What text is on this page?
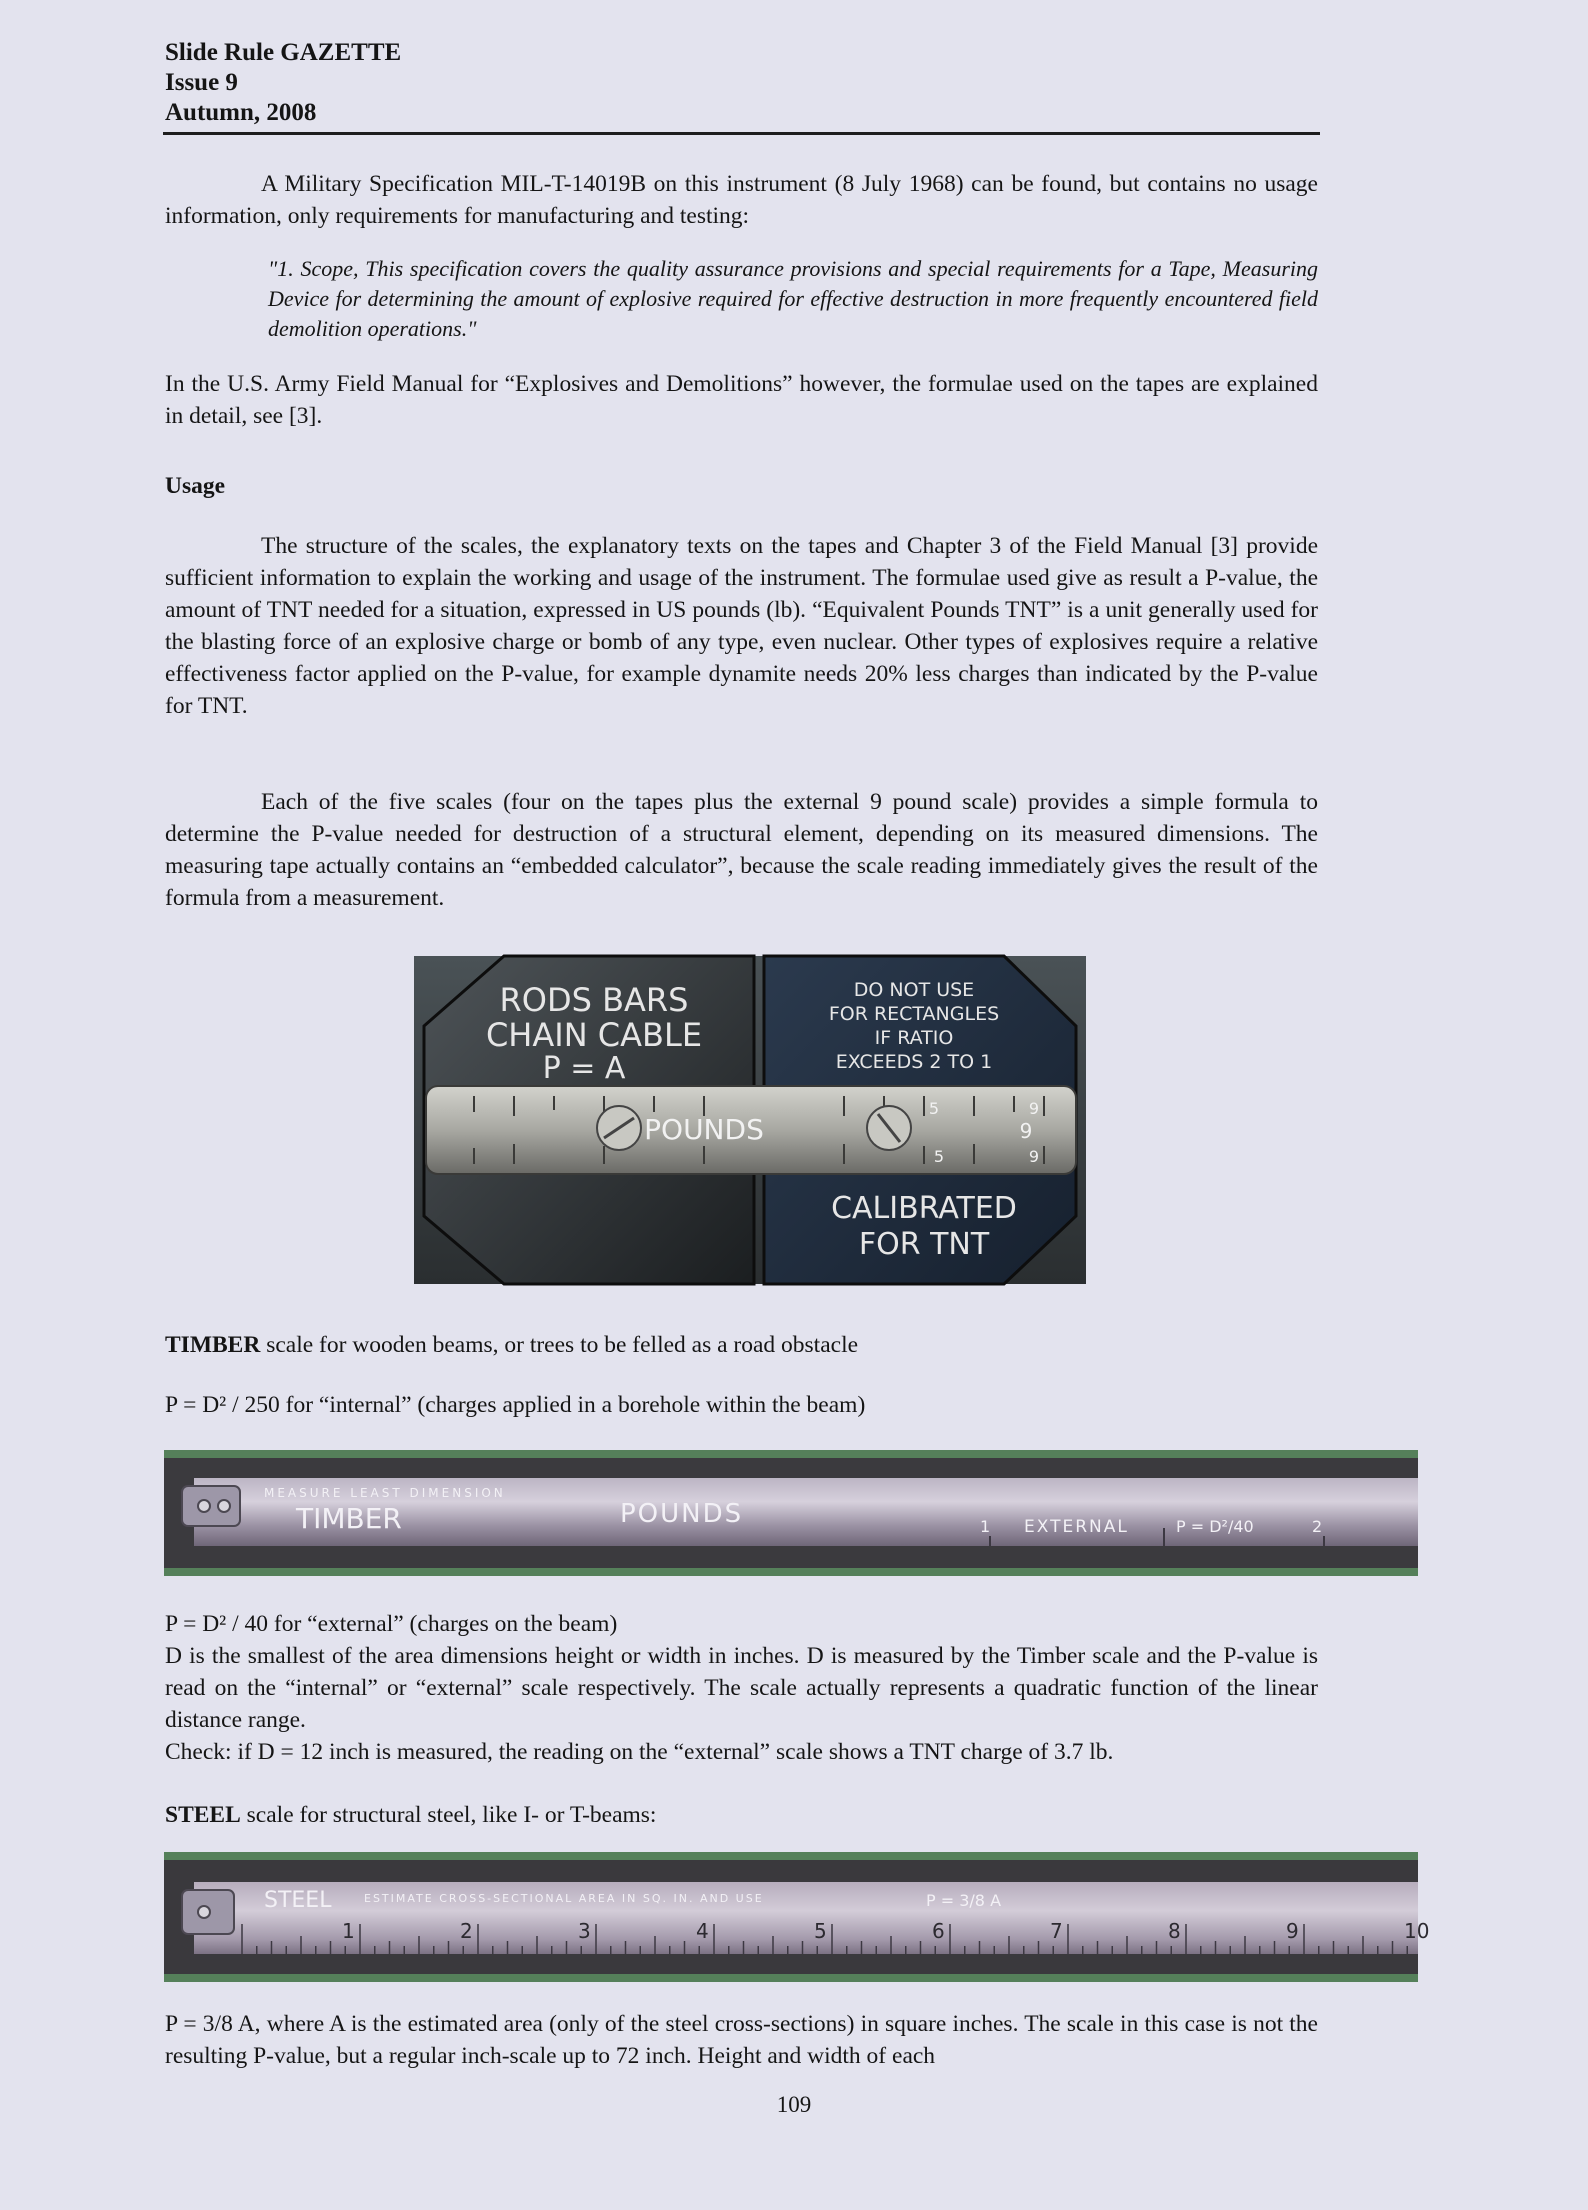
Slide Rule GAZETTE
Issue 9
Autumn, 2008

A Military Specification MIL-T-14019B on this instrument (8 July 1968) can be found, but contains no usage information, only requirements for manufacturing and testing:

"1. Scope, This specification covers the quality assurance provisions and special requirements for a Tape, Measuring Device for determining the amount of explosive required for effective destruction in more frequently encountered field demolition operations."

In the U.S. Army Field Manual for “Explosives and Demolitions” however, the formulae used on the tapes are explained in detail, see [3].

Usage

The structure of the scales, the explanatory texts on the tapes and Chapter 3 of the Field Manual [3] provide sufficient information to explain the working and usage of the instrument. The formulae used give as result a P-value, the amount of TNT needed for a situation, expressed in US pounds (lb). “Equivalent Pounds TNT” is a unit generally used for the blasting force of an explosive charge or bomb of any type, even nuclear. Other types of explosives require a relative effectiveness factor applied on the P-value, for example dynamite needs 20% less charges than indicated by the P-value for TNT.

Each of the five scales (four on the tapes plus the external 9 pound scale) provides a simple formula to determine the P-value needed for destruction of a structural element, depending on its measured dimensions. The measuring tape actually contains an “embedded calculator”, because the scale reading immediately gives the result of the formula from a measurement.

RODS BARS
CHAIN CABLE
P = A
DO NOT USE
FOR RECTANGLES
IF RATIO
EXCEEDS 2 TO 1
CALIBRATED
FOR TNT
POUNDS
5	9
9
5	9

TIMBER scale for wooden beams, or trees to be felled as a road obstacle

P = D² / 250 for “internal” (charges applied in a borehole within the beam)

MEASURE LEAST DIMENSION
TIMBER	POUNDS	1 EXTERNAL	P = D²/40	2

P = D² / 40 for “external” (charges on the beam)

D is the smallest of the area dimensions height or width in inches. D is measured by the Timber scale and the P-value is read on the “internal” or “external” scale respectively. The scale actually represents a quadratic function of the linear distance range.

Check: if D = 12 inch is measured, the reading on the “external” scale shows a TNT charge of 3.7 lb.

STEEL scale for structural steel, like I- or T-beams:

STEEL	ESTIMATE CROSS-SECTIONAL AREA IN SQ. IN. AND USE	P = 3/8 A
1	2	3	4	5	6	7	8	9	10

P = 3/8 A, where A is the estimated area (only of the steel cross-sections) in square inches. The scale in this case is not the resulting P-value, but a regular inch-scale up to 72 inch. Height and width of each

109
